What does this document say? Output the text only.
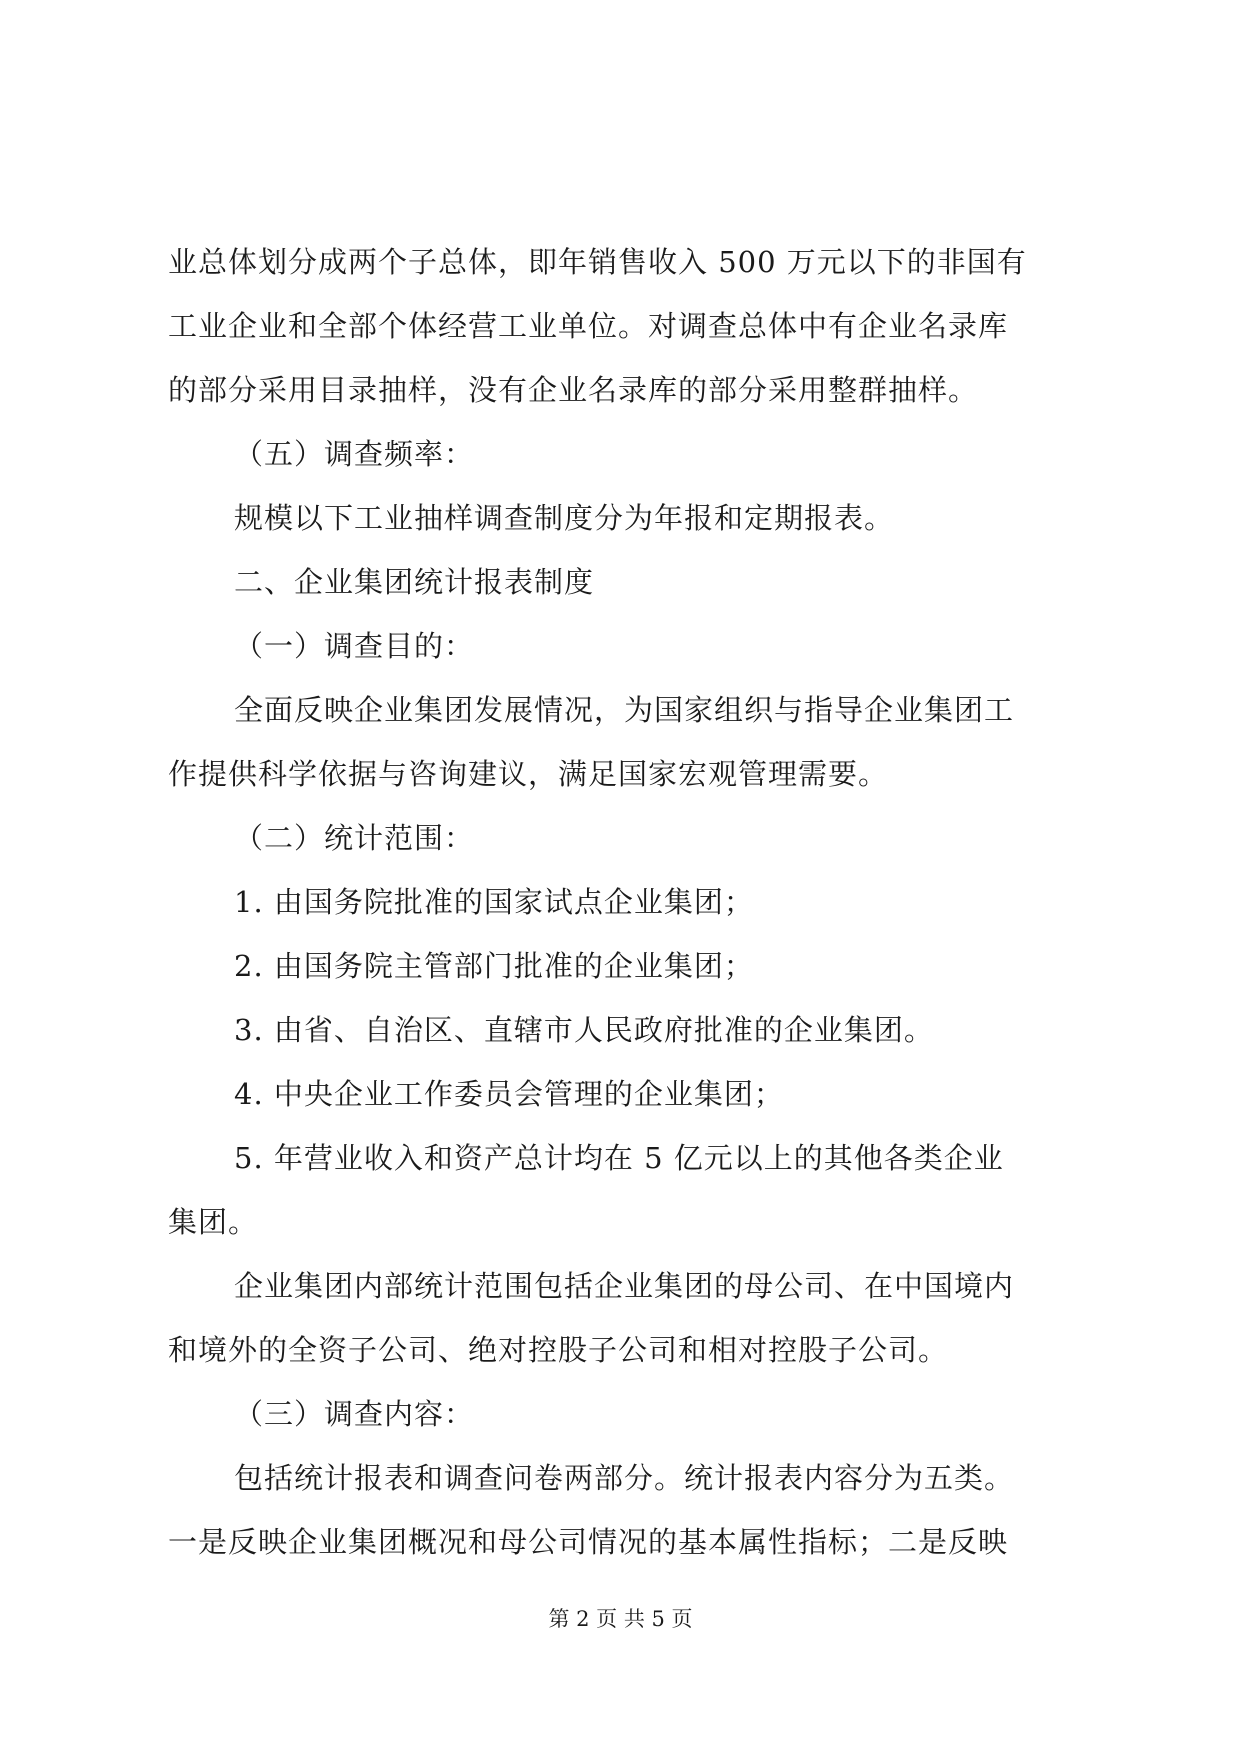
业总体划分成两个子总体，即年销售收入 500 万元以下的非国有
工业企业和全部个体经营工业单位。对调查总体中有企业名录库
的部分采用目录抽样，没有企业名录库的部分采用整群抽样。
（五）调查频率：
规模以下工业抽样调查制度分为年报和定期报表。
二、企业集团统计报表制度
（一）调查目的：
全面反映企业集团发展情况，为国家组织与指导企业集团工
作提供科学依据与咨询建议，满足国家宏观管理需要。
（二）统计范围：
1. 由国务院批准的国家试点企业集团；
2. 由国务院主管部门批准的企业集团；
3. 由省、自治区、直辖市人民政府批准的企业集团。
4. 中央企业工作委员会管理的企业集团；
5. 年营业收入和资产总计均在 5 亿元以上的其他各类企业
集团。
企业集团内部统计范围包括企业集团的母公司、在中国境内
和境外的全资子公司、绝对控股子公司和相对控股子公司。
（三）调查内容：
包括统计报表和调查问卷两部分。统计报表内容分为五类。
一是反映企业集团概况和母公司情况的基本属性指标；二是反映
第 2 页 共 5 页
